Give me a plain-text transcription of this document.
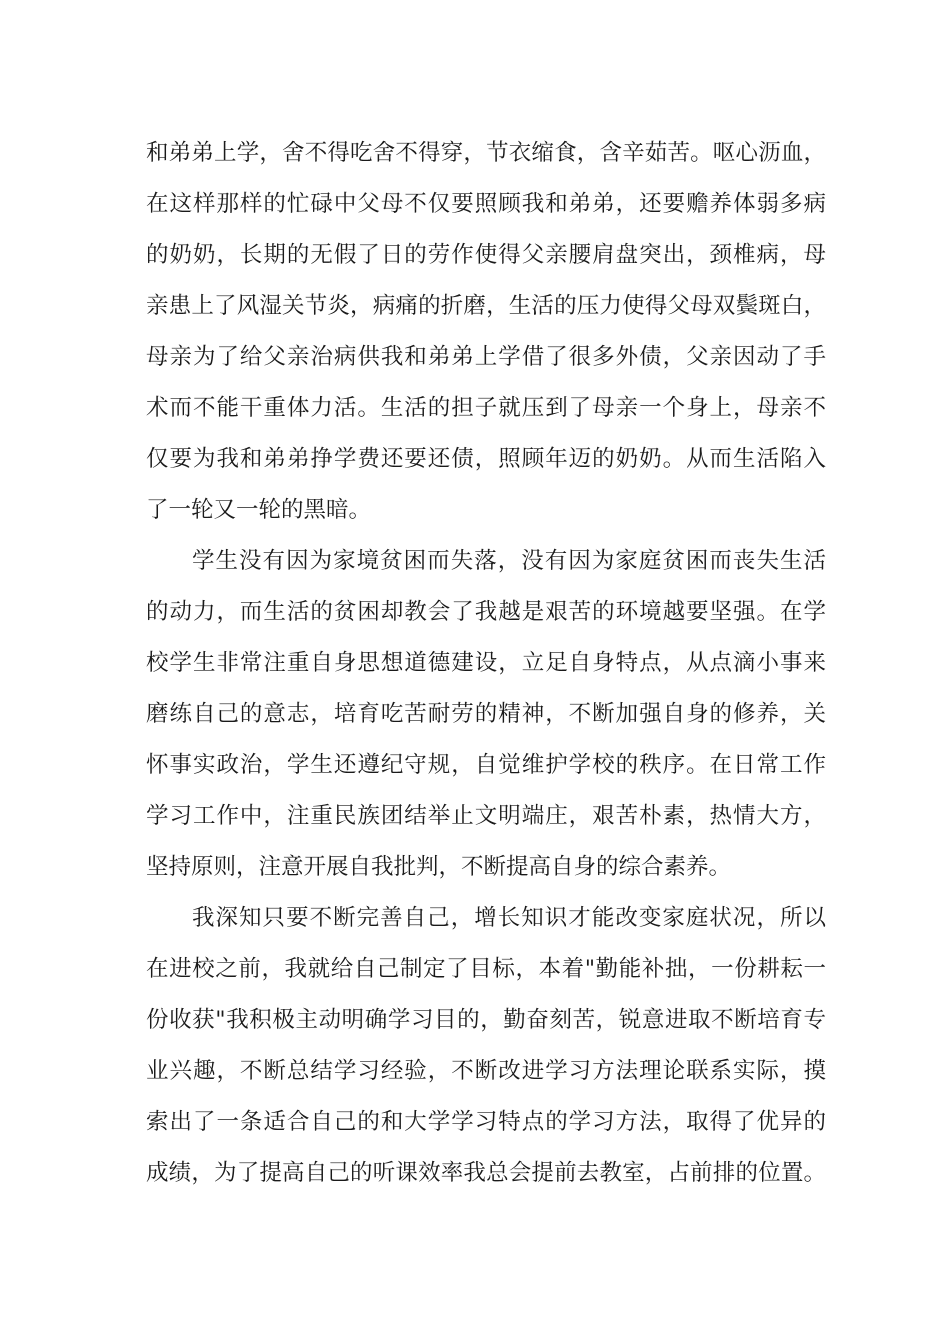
和弟弟上学，舍不得吃舍不得穿，节衣缩食，含辛茹苦。呕心沥血，
在这样那样的忙碌中父母不仅要照顾我和弟弟，还要赡养体弱多病
的奶奶，长期的无假了日的劳作使得父亲腰肩盘突出，颈椎病，母
亲患上了风湿关节炎，病痛的折磨，生活的压力使得父母双鬓斑白，
母亲为了给父亲治病供我和弟弟上学借了很多外债，父亲因动了手
术而不能干重体力活。生活的担子就压到了母亲一个身上，母亲不
仅要为我和弟弟挣学费还要还债，照顾年迈的奶奶。从而生活陷入
了一轮又一轮的黑暗。
学生没有因为家境贫困而失落，没有因为家庭贫困而丧失生活
的动力，而生活的贫困却教会了我越是艰苦的环境越要坚强。在学
校学生非常注重自身思想道德建设，立足自身特点，从点滴小事来
磨练自己的意志，培育吃苦耐劳的精神，不断加强自身的修养，关
怀事实政治，学生还遵纪守规，自觉维护学校的秩序。在日常工作
学习工作中，注重民族团结举止文明端庄，艰苦朴素，热情大方，
坚持原则，注意开展自我批判，不断提高自身的综合素养。
我深知只要不断完善自己，增长知识才能改变家庭状况，所以
在进校之前，我就给自己制定了目标，本着"勤能补拙，一份耕耘一
份收获"我积极主动明确学习目的，勤奋刻苦，锐意进取不断培育专
业兴趣，不断总结学习经验，不断改进学习方法理论联系实际，摸
索出了一条适合自己的和大学学习特点的学习方法，取得了优异的
成绩，为了提高自己的听课效率我总会提前去教室，占前排的位置。
